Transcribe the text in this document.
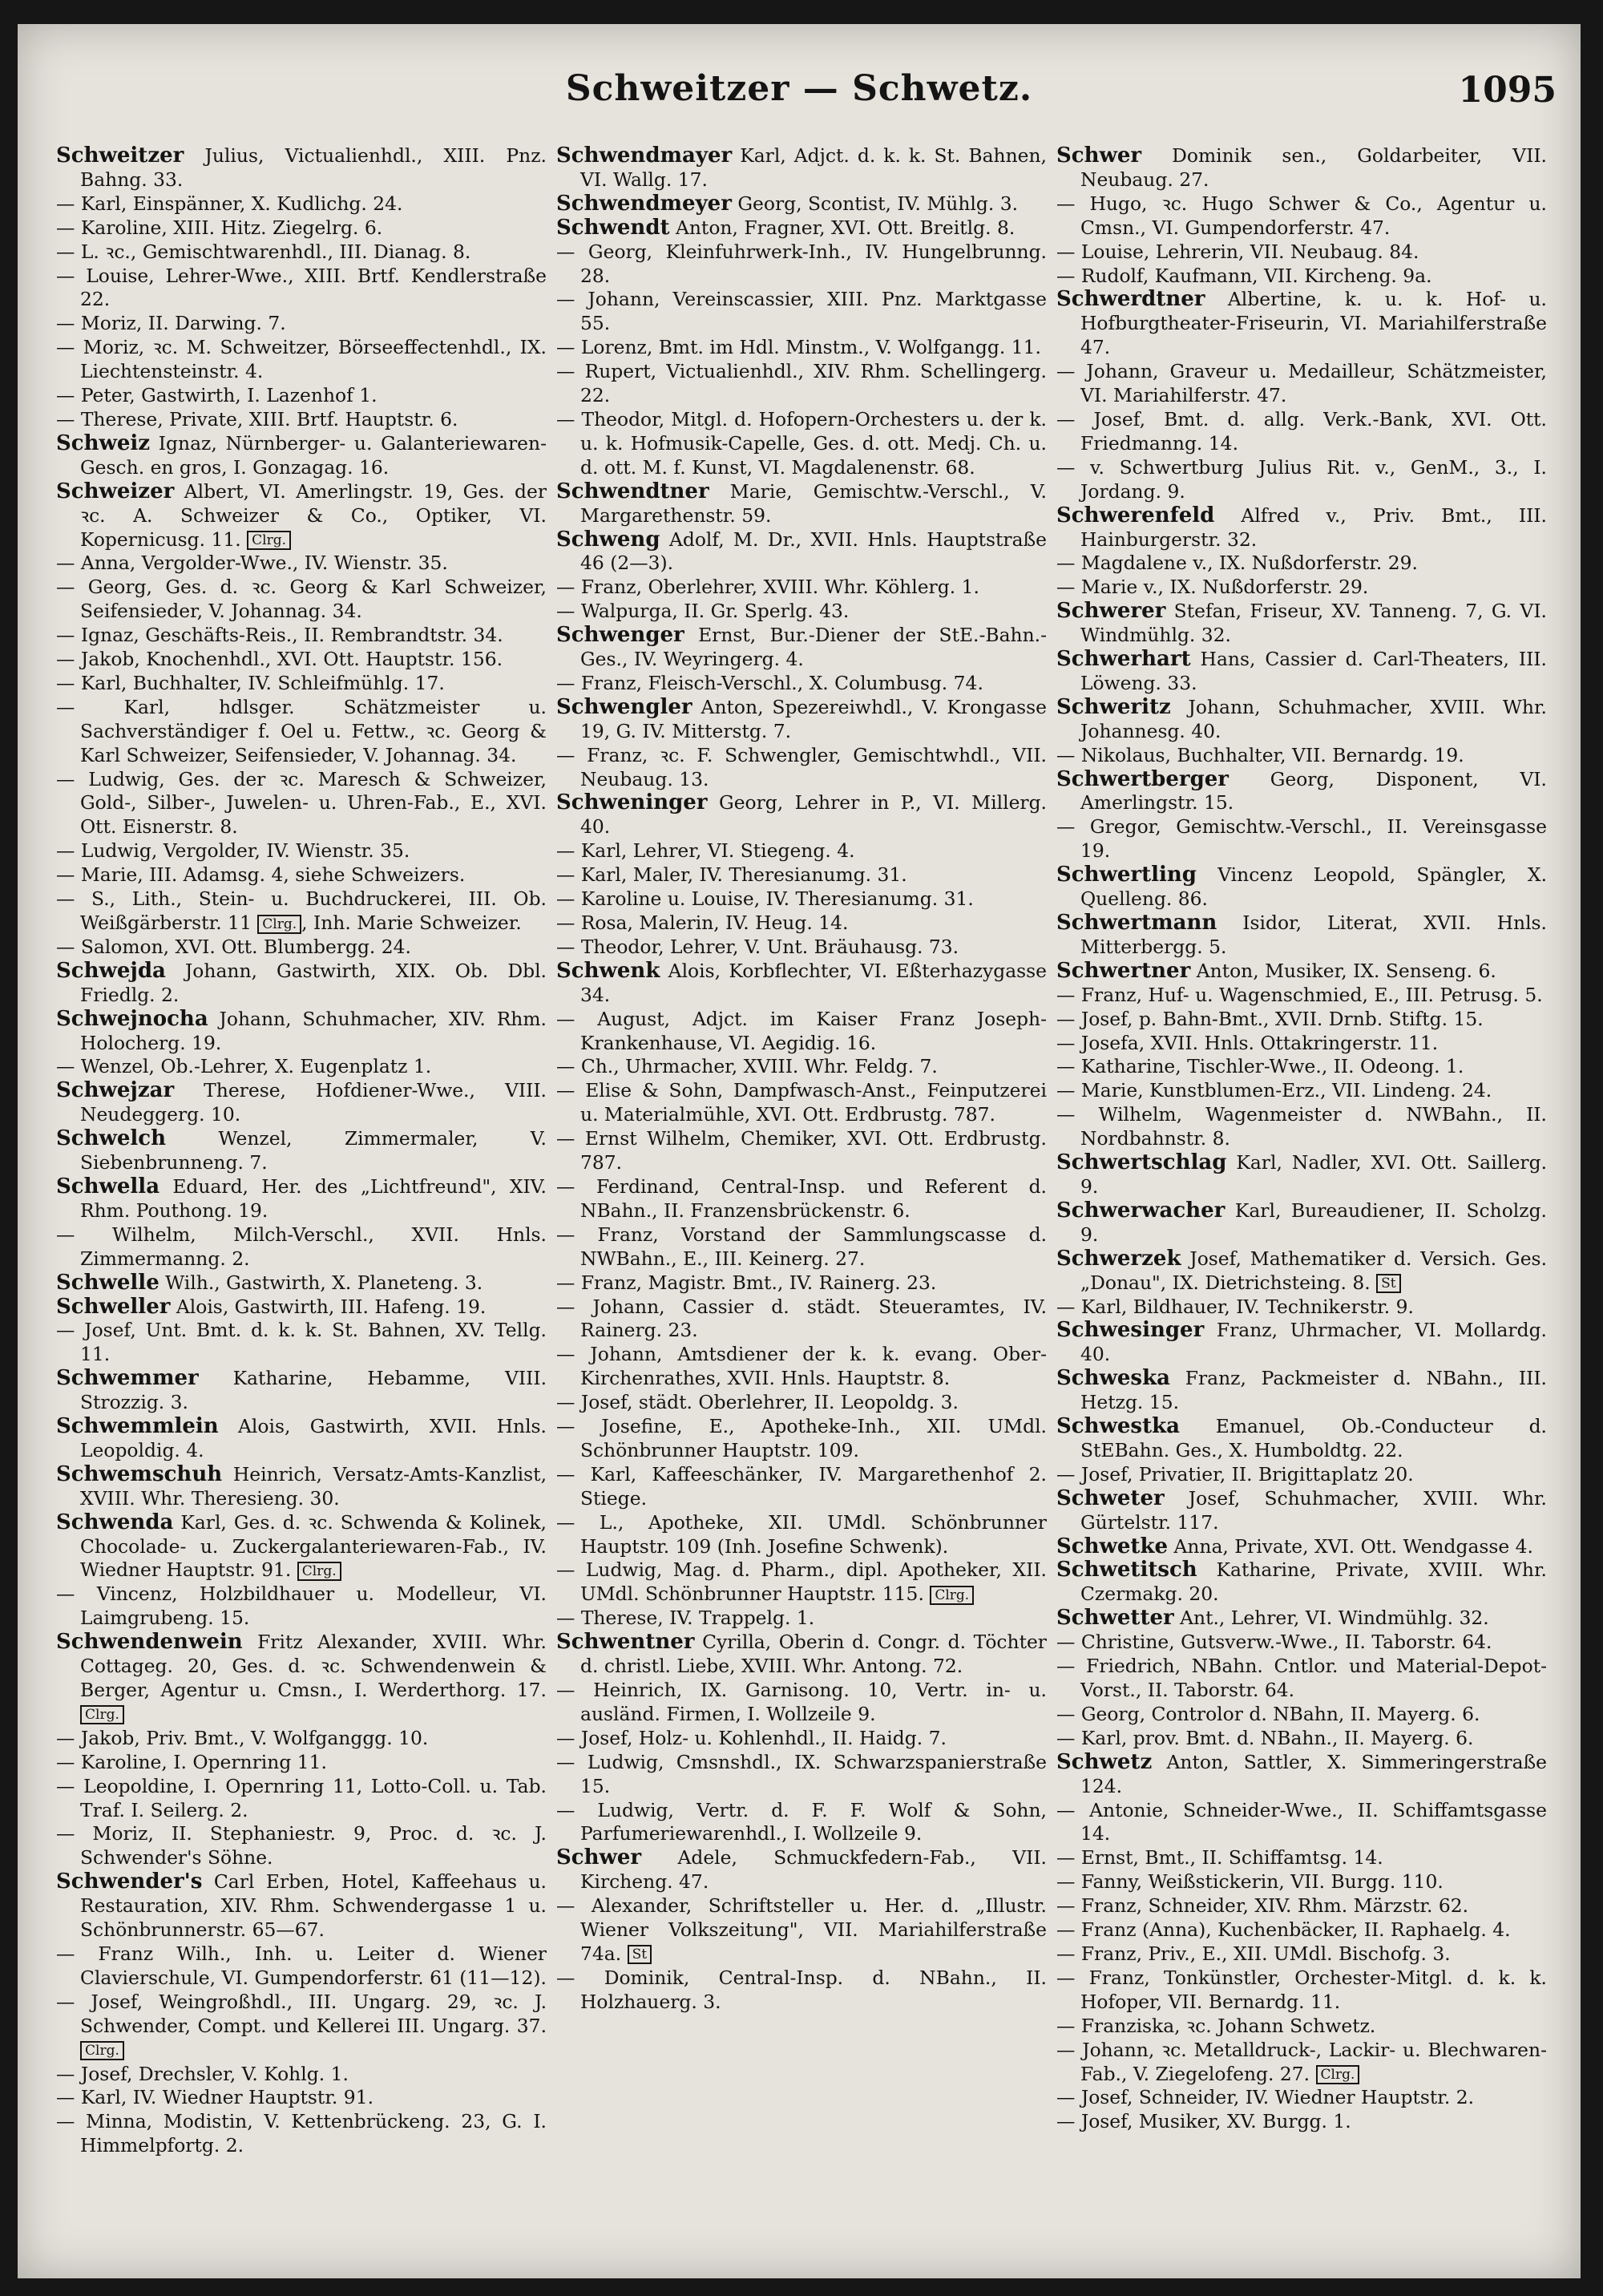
Schweitzer — Schwetz.	1095
Schweitzer Julius, Victualienhdl., XIII. Pnz. Bahng. 33.
— Karl, Einspänner, X. Kudlichg. 24.
— Karoline, XIII. Hitz. Ziegelrg. 6.
— L. ꝛc., Gemischtwarenhdl., III. Dianag. 8.
— Louise, Lehrer-Wwe., XIII. Brtf. Kendlerstraße 22.
— Moriz, II. Darwing. 7.
— Moriz, ꝛc. M. Schweitzer, Börseeffectenhdl., IX. Liechtensteinstr. 4.
— Peter, Gastwirth, I. Lazenhof 1.
— Therese, Private, XIII. Brtf. Hauptstr. 6.
Schweiz Ignaz, Nürnberger- u. Galanteriewaren-Gesch. en gros, I. Gonzagag. 16.
Schweizer Albert, VI. Amerlingstr. 19, Ges. der ꝛc. A. Schweizer & Co., Optiker, VI. Kopernicusg. 11. Clrg.
— Anna, Vergolder-Wwe., IV. Wienstr. 35.
— Georg, Ges. d. ꝛc. Georg & Karl Schweizer, Seifensieder, V. Johannag. 34.
— Ignaz, Geschäfts-Reis., II. Rembrandtstr. 34.
— Jakob, Knochenhdl., XVI. Ott. Hauptstr. 156.
— Karl, Buchhalter, IV. Schleifmühlg. 17.
— Karl, hdlsger. Schätzmeister u. Sachverständiger f. Oel u. Fettw., ꝛc. Georg & Karl Schweizer, Seifensieder, V. Johannag. 34.
— Ludwig, Ges. der ꝛc. Maresch & Schweizer, Gold-, Silber-, Juwelen- u. Uhren-Fab., E., XVI. Ott. Eisnerstr. 8.
— Ludwig, Vergolder, IV. Wienstr. 35.
— Marie, III. Adamsg. 4, siehe Schweizers.
— S., Lith., Stein- u. Buchdruckerei, III. Ob. Weißgärberstr. 11 Clrg. , Inh. Marie Schweizer.
— Salomon, XVI. Ott. Blumbergg. 24.
Schwejda Johann, Gastwirth, XIX. Ob. Dbl. Friedlg. 2.
Schwejnocha Johann, Schuhmacher, XIV. Rhm. Holocherg. 19.
— Wenzel, Ob.-Lehrer, X. Eugenplatz 1.
Schwejzar Therese, Hofdiener-Wwe., VIII. Neudeggerg. 10.
Schwelch Wenzel, Zimmermaler, V. Siebenbrunneng. 7.
Schwella Eduard, Her. des „Lichtfreund", XIV. Rhm. Pouthong. 19.
— Wilhelm, Milch-Verschl., XVII. Hnls. Zimmermanng. 2.
Schwelle Wilh., Gastwirth, X. Planeteng. 3.
Schweller Alois, Gastwirth, III. Hafeng. 19.
— Josef, Unt. Bmt. d. k. k. St. Bahnen, XV. Tellg. 11.
Schwemmer Katharine, Hebamme, VIII. Strozzig. 3.
Schwemmlein Alois, Gastwirth, XVII. Hnls. Leopoldig. 4.
Schwemschuh Heinrich, Versatz-Amts-Kanzlist, XVIII. Whr. Theresieng. 30.
Schwenda Karl, Ges. d. ꝛc. Schwenda & Kolinek, Chocolade- u. Zuckergalanteriewaren-Fab., IV. Wiedner Hauptstr. 91. Clrg.
— Vincenz, Holzbildhauer u. Modelleur, VI. Laimgrubeng. 15.
Schwendenwein Fritz Alexander, XVIII. Whr. Cottageg. 20, Ges. d. ꝛc. Schwendenwein & Berger, Agentur u. Cmsn., I. Werderthorg. 17. Clrg.
— Jakob, Priv. Bmt., V. Wolfganggg. 10.
— Karoline, I. Opernring 11.
— Leopoldine, I. Opernring 11, Lotto-Coll. u. Tab. Traf. I. Seilerg. 2.
— Moriz, II. Stephaniestr. 9, Proc. d. ꝛc. J. Schwender's Söhne.
Schwender's Carl Erben, Hotel, Kaffeehaus u. Restauration, XIV. Rhm. Schwendergasse 1 u. Schönbrunnerstr. 65—67.
— Franz Wilh., Inh. u. Leiter d. Wiener Clavierschule, VI. Gumpendorferstr. 61 (11—12).
— Josef, Weingroßhdl., III. Ungarg. 29, ꝛc. J. Schwender, Compt. und Kellerei III. Ungarg. 37. Clrg.
— Josef, Drechsler, V. Kohlg. 1.
— Karl, IV. Wiedner Hauptstr. 91.
— Minna, Modistin, V. Kettenbrückeng. 23, G. I. Himmelpfortg. 2.
Schwendmayer Karl, Adjct. d. k. k. St. Bahnen, VI. Wallg. 17.
Schwendmeyer Georg, Scontist, IV. Mühlg. 3.
Schwendt Anton, Fragner, XVI. Ott. Breitlg. 8.
— Georg, Kleinfuhrwerk-Inh., IV. Hungelbrunng. 28.
— Johann, Vereinscassier, XIII. Pnz. Marktgasse 55.
— Lorenz, Bmt. im Hdl. Minstm., V. Wolfgangg. 11.
— Rupert, Victualienhdl., XIV. Rhm. Schellingerg. 22.
— Theodor, Mitgl. d. Hofopern-Orchesters u. der k. u. k. Hofmusik-Capelle, Ges. d. ott. Medj. Ch. u. d. ott. M. f. Kunst, VI. Magdalenenstr. 68.
Schwendtner Marie, Gemischtw.-Verschl., V. Margarethenstr. 59.
Schweng Adolf, M. Dr., XVII. Hnls. Hauptstraße 46 (2—3).
— Franz, Oberlehrer, XVIII. Whr. Köhlerg. 1.
— Walpurga, II. Gr. Sperlg. 43.
Schwenger Ernst, Bur.-Diener der StE.-Bahn.-Ges., IV. Weyringerg. 4.
— Franz, Fleisch-Verschl., X. Columbusg. 74.
Schwengler Anton, Spezereiwhdl., V. Krongasse 19, G. IV. Mitterstg. 7.
— Franz, ꝛc. F. Schwengler, Gemischtwhdl., VII. Neubaug. 13.
Schweninger Georg, Lehrer in P., VI. Millerg. 40.
— Karl, Lehrer, VI. Stiegeng. 4.
— Karl, Maler, IV. Theresianumg. 31.
— Karoline u. Louise, IV. Theresianumg. 31.
— Rosa, Malerin, IV. Heug. 14.
— Theodor, Lehrer, V. Unt. Bräuhausg. 73.
Schwenk Alois, Korbflechter, VI. Eßterhazygasse 34.
— August, Adjct. im Kaiser Franz Joseph-Krankenhause, VI. Aegidig. 16.
— Ch., Uhrmacher, XVIII. Whr. Feldg. 7.
— Elise & Sohn, Dampfwasch-Anst., Feinputzerei u. Materialmühle, XVI. Ott. Erdbrustg. 787.
— Ernst Wilhelm, Chemiker, XVI. Ott. Erdbrustg. 787.
— Ferdinand, Central-Insp. und Referent d. NBahn., II. Franzensbrückenstr. 6.
— Franz, Vorstand der Sammlungscasse d. NWBahn., E., III. Keinerg. 27.
— Franz, Magistr. Bmt., IV. Rainerg. 23.
— Johann, Cassier d. städt. Steueramtes, IV. Rainerg. 23.
— Johann, Amtsdiener der k. k. evang. Ober-Kirchenrathes, XVII. Hnls. Hauptstr. 8.
— Josef, städt. Oberlehrer, II. Leopoldg. 3.
— Josefine, E., Apotheke-Inh., XII. UMdl. Schönbrunner Hauptstr. 109.
— Karl, Kaffeeschänker, IV. Margarethenhof 2. Stiege.
— L., Apotheke, XII. UMdl. Schönbrunner Hauptstr. 109 (Inh. Josefine Schwenk).
— Ludwig, Mag. d. Pharm., dipl. Apotheker, XII. UMdl. Schönbrunner Hauptstr. 115. Clrg.
— Therese, IV. Trappelg. 1.
Schwentner Cyrilla, Oberin d. Congr. d. Töchter d. christl. Liebe, XVIII. Whr. Antong. 72.
— Heinrich, IX. Garnisong. 10, Vertr. in- u. ausländ. Firmen, I. Wollzeile 9.
— Josef, Holz- u. Kohlenhdl., II. Haidg. 7.
— Ludwig, Cmsnshdl., IX. Schwarzspanierstraße 15.
— Ludwig, Vertr. d. F. F. Wolf & Sohn, Parfumeriewarenhdl., I. Wollzeile 9.
Schwer Adele, Schmuckfedern-Fab., VII. Kircheng. 47.
— Alexander, Schriftsteller u. Her. d. „Illustr. Wiener Volkszeitung", VII. Mariahilferstraße 74a. St
— Dominik, Central-Insp. d. NBahn., II. Holzhauerg. 3.
Schwer Dominik sen., Goldarbeiter, VII. Neubaug. 27.
— Hugo, ꝛc. Hugo Schwer & Co., Agentur u. Cmsn., VI. Gumpendorferstr. 47.
— Louise, Lehrerin, VII. Neubaug. 84.
— Rudolf, Kaufmann, VII. Kircheng. 9a.
Schwerdtner Albertine, k. u. k. Hof- u. Hofburgtheater-Friseurin, VI. Mariahilferstraße 47.
— Johann, Graveur u. Medailleur, Schätzmeister, VI. Mariahilferstr. 47.
— Josef, Bmt. d. allg. Verk.-Bank, XVI. Ott. Friedmanng. 14.
— v. Schwertburg Julius Rit. v., GenM., 3., I. Jordang. 9.
Schwerenfeld Alfred v., Priv. Bmt., III. Hainburgerstr. 32.
— Magdalene v., IX. Nußdorferstr. 29.
— Marie v., IX. Nußdorferstr. 29.
Schwerer Stefan, Friseur, XV. Tanneng. 7, G. VI. Windmühlg. 32.
Schwerhart Hans, Cassier d. Carl-Theaters, III. Löweng. 33.
Schweritz Johann, Schuhmacher, XVIII. Whr. Johannesg. 40.
— Nikolaus, Buchhalter, VII. Bernardg. 19.
Schwertberger Georg, Disponent, VI. Amerlingstr. 15.
— Gregor, Gemischtw.-Verschl., II. Vereinsgasse 19.
Schwertling Vincenz Leopold, Spängler, X. Quelleng. 86.
Schwertmann Isidor, Literat, XVII. Hnls. Mitterbergg. 5.
Schwertner Anton, Musiker, IX. Senseng. 6.
— Franz, Huf- u. Wagenschmied, E., III. Petrusg. 5.
— Josef, p. Bahn-Bmt., XVII. Drnb. Stiftg. 15.
— Josefa, XVII. Hnls. Ottakringerstr. 11.
— Katharine, Tischler-Wwe., II. Odeong. 1.
— Marie, Kunstblumen-Erz., VII. Lindeng. 24.
— Wilhelm, Wagenmeister d. NWBahn., II. Nordbahnstr. 8.
Schwertschlag Karl, Nadler, XVI. Ott. Saillerg. 9.
Schwerwacher Karl, Bureaudiener, II. Scholzg. 9.
Schwerzek Josef, Mathematiker d. Versich. Ges. „Donau", IX. Dietrichsteing. 8. St
— Karl, Bildhauer, IV. Technikerstr. 9.
Schwesinger Franz, Uhrmacher, VI. Mollardg. 40.
Schweska Franz, Packmeister d. NBahn., III. Hetzg. 15.
Schwestka Emanuel, Ob.-Conducteur d. StEBahn. Ges., X. Humboldtg. 22.
— Josef, Privatier, II. Brigittaplatz 20.
Schweter Josef, Schuhmacher, XVIII. Whr. Gürtelstr. 117.
Schwetke Anna, Private, XVI. Ott. Wendgasse 4.
Schwetitsch Katharine, Private, XVIII. Whr. Czermakg. 20.
Schwetter Ant., Lehrer, VI. Windmühlg. 32.
— Christine, Gutsverw.-Wwe., II. Taborstr. 64.
— Friedrich, NBahn. Cntlor. und Material-Depot-Vorst., II. Taborstr. 64.
— Georg, Controlor d. NBahn, II. Mayerg. 6.
— Karl, prov. Bmt. d. NBahn., II. Mayerg. 6.
Schwetz Anton, Sattler, X. Simmeringerstraße 124.
— Antonie, Schneider-Wwe., II. Schiffamtsgasse 14.
— Ernst, Bmt., II. Schiffamtsg. 14.
— Fanny, Weißstickerin, VII. Burgg. 110.
— Franz, Schneider, XIV. Rhm. Märzstr. 62.
— Franz (Anna), Kuchenbäcker, II. Raphaelg. 4.
— Franz, Priv., E., XII. UMdl. Bischofg. 3.
— Franz, Tonkünstler, Orchester-Mitgl. d. k. k. Hofoper, VII. Bernardg. 11.
— Franziska, ꝛc. Johann Schwetz.
— Johann, ꝛc. Metalldruck-, Lackir- u. Blechwaren-Fab., V. Ziegelofeng. 27. Clrg.
— Josef, Schneider, IV. Wiedner Hauptstr. 2.
— Josef, Musiker, XV. Burgg. 1.
